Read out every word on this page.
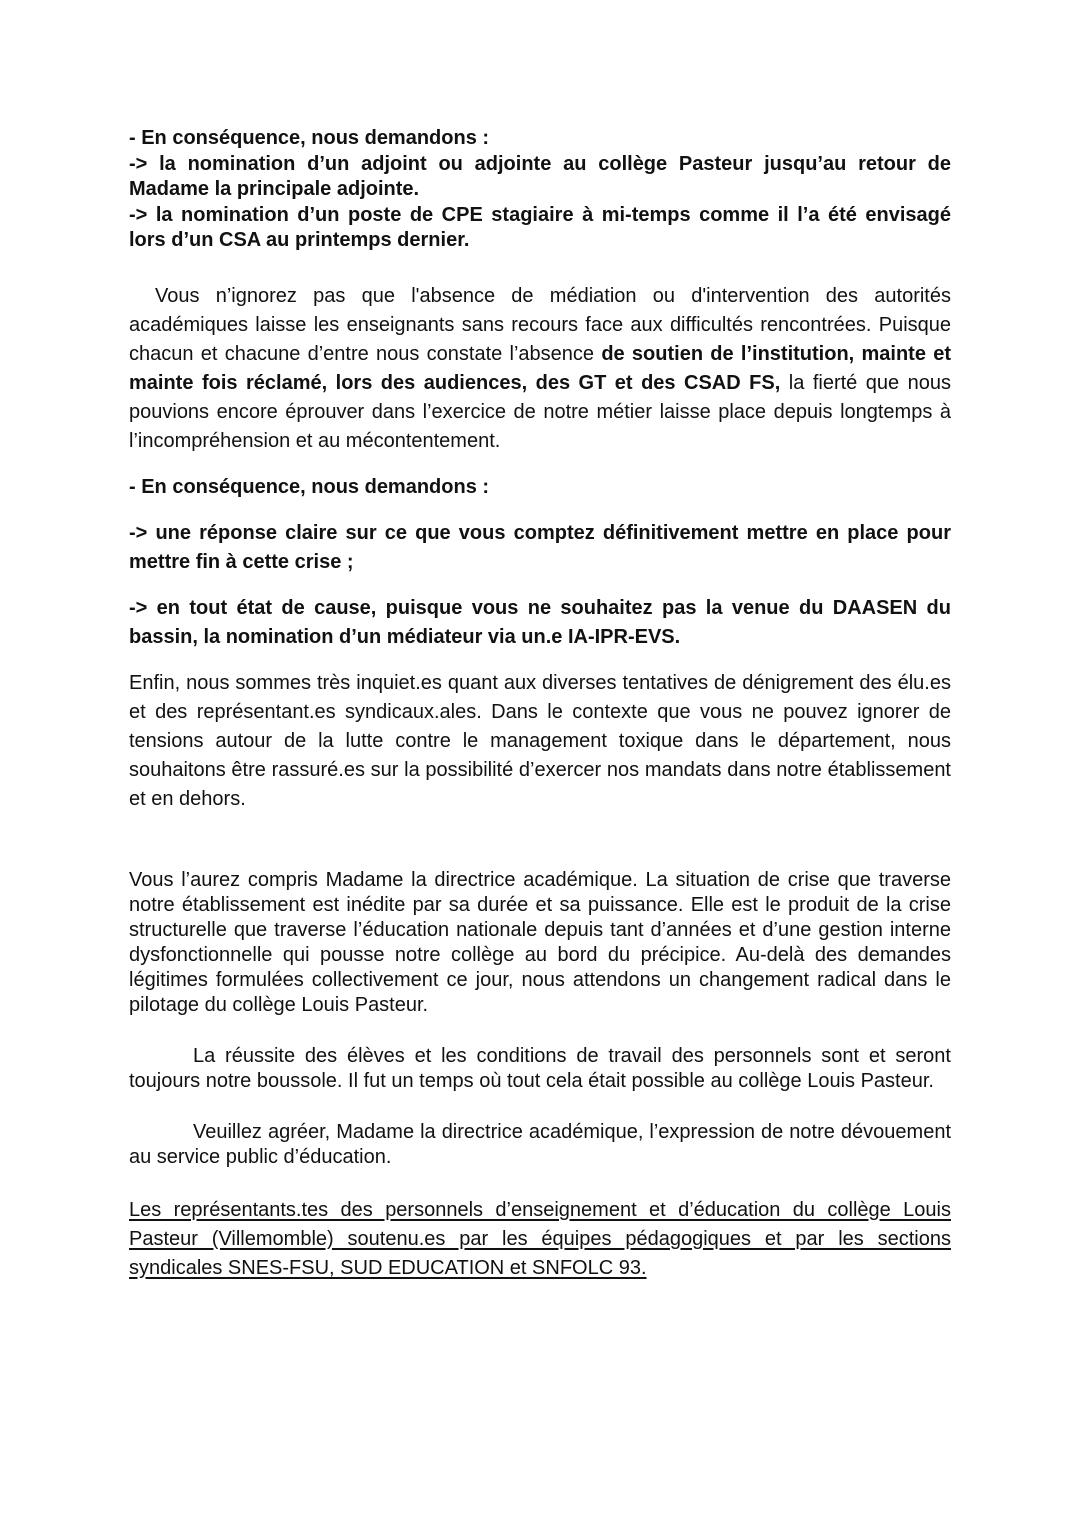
- En conséquence, nous demandons :
-> la nomination d’un adjoint ou adjointe au collège Pasteur jusqu’au retour de Madame la principale adjointe.
-> la nomination d’un poste de CPE stagiaire à mi-temps comme il l’a été envisagé lors d’un CSA au printemps dernier.

Vous n’ignorez pas que l'absence de médiation ou d'intervention des autorités académiques laisse les enseignants sans recours face aux difficultés rencontrées. Puisque chacun et chacune d’entre nous constate l’absence de soutien de l’institution, mainte et mainte fois réclamé, lors des audiences, des GT et des CSAD FS, la fierté que nous pouvions encore éprouver dans l’exercice de notre métier laisse place depuis longtemps à l’incompréhension et au mécontentement.

- En conséquence, nous demandons :

-> une réponse claire sur ce que vous comptez définitivement mettre en place pour mettre fin à cette crise ;

-> en tout état de cause, puisque vous ne souhaitez pas la venue du DAASEN du bassin, la nomination d’un médiateur via un.e IA-IPR-EVS.

Enfin, nous sommes très inquiet.es quant aux diverses tentatives de dénigrement des élu.es et des représentant.es syndicaux.ales. Dans le contexte que vous ne pouvez ignorer de tensions autour de la lutte contre le management toxique dans le département, nous souhaitons être rassuré.es sur la possibilité d’exercer nos mandats dans notre établissement et en dehors.

Vous l’aurez compris Madame la directrice académique. La situation de crise que traverse notre établissement est inédite par sa durée et sa puissance. Elle est le produit de la crise structurelle que traverse l’éducation nationale depuis tant d’années et d’une gestion interne dysfonctionnelle qui pousse notre collège au bord du précipice. Au-delà des demandes légitimes formulées collectivement ce jour, nous attendons un changement radical dans le pilotage du collège Louis Pasteur.

La réussite des élèves et les conditions de travail des personnels sont et seront toujours notre boussole. Il fut un temps où tout cela était possible au collège Louis Pasteur.

Veuillez agréer, Madame la directrice académique, l’expression de notre dévouement au service public d’éducation.

Les représentants.tes des personnels d’enseignement et d’éducation du collège Louis Pasteur (Villemomble) soutenu.es par les équipes pédagogiques et par les sections syndicales SNES-FSU, SUD EDUCATION et SNFOLC 93.
